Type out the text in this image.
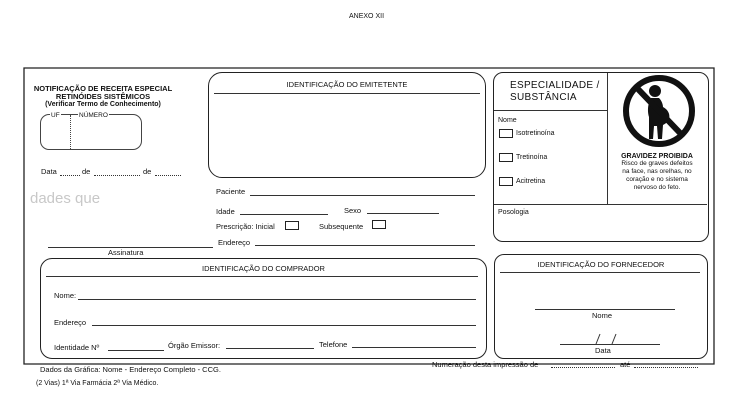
ANEXO XII
dades que
NOTIFICAÇÃO DE RECEITA ESPECIAL
RETINÓIDES SISTÊMICOS
(Verificar Termo de Conhecimento)
UF	NÚMERO
Data	de	de
Assinatura
IDENTIFICAÇÃO DO EMITETENTE
Paciente
Idade	Sexo
Prescrição: Inicial	Subsequente
Endereço
ESPECIALIDADE /
SUBSTÂNCIA
Nome
Isotretinoína
Tretinoína
Acitretina
Posologia
GRAVIDEZ PROIBIDA
Risco de graves defeitos
na face, nas orelhas, no
coração e no sistema
nervoso do feto.
IDENTIFICAÇÃO DO COMPRADOR
Nome:
Endereço
Identidade Nº	Órgão Emissor:	Telefone
IDENTIFICAÇÃO DO FORNECEDOR
Nome
Data
Dados da Gráfica: Nome - Endereço Completo - CCG.
Numeração desta impressão de	até
(2 Vias) 1ª Via Farmácia 2ª Via Médico.
